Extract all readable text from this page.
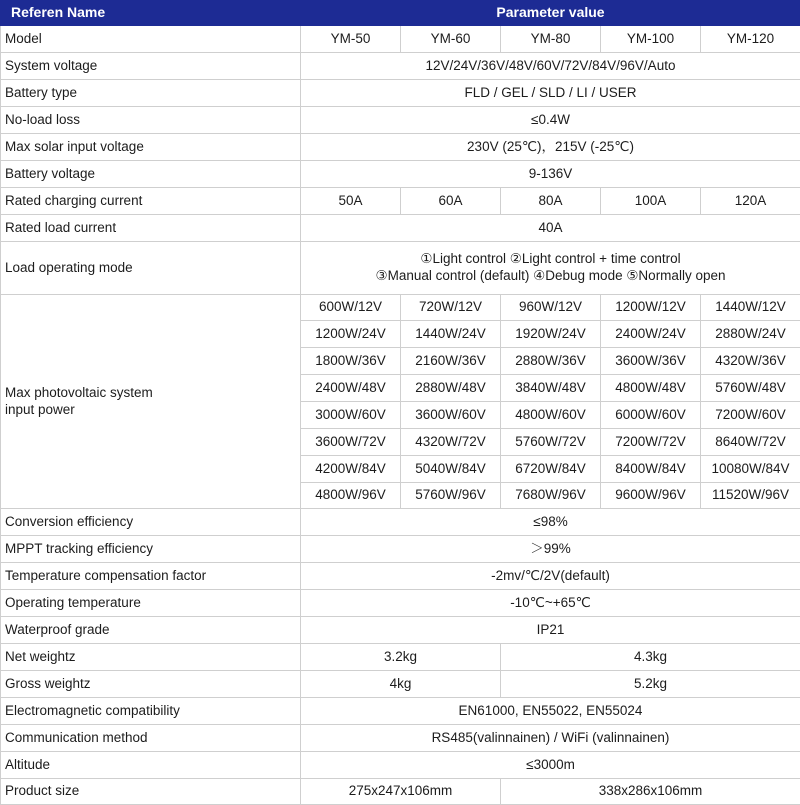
Referen Name	Parameter value				
Model	YM-50	YM-60	YM-80	YM-100	YM-120
System voltage	12V/24V/36V/48V/60V/72V/84V/96V/Auto				
Battery type	FLD / GEL / SLD / LI / USER				
No-load loss	≤0.4W				
Max solar input voltage	230V (25℃)，215V (-25℃)				
Battery voltage	9-136V				
Rated charging current	50A	60A	80A	100A	120A
Rated load current	40A				
Load operating mode	①Light control ②Light control + time control
③Manual control (default) ④Debug mode ⑤Normally open				

Max photovoltaic system
input power	600W/12V	720W/12V	960W/12V	1200W/12V	1440W/12V
	1200W/24V	1440W/24V	1920W/24V	2400W/24V	2880W/24V
	1800W/36V	2160W/36V	2880W/36V	3600W/36V	4320W/36V
	2400W/48V	2880W/48V	3840W/48V	4800W/48V	5760W/48V
	3000W/60V	3600W/60V	4800W/60V	6000W/60V	7200W/60V
	3600W/72V	4320W/72V	5760W/72V	7200W/72V	8640W/72V
	4200W/84V	5040W/84V	6720W/84V	8400W/84V	10080W/84V
	4800W/96V	5760W/96V	7680W/96V	9600W/96V	11520W/96V
Conversion efficiency	≤98%				
MPPT tracking efficiency	＞99%				
Temperature compensation factor	-2mv/℃/2V(default)				
Operating temperature	-10℃~+65℃				
Waterproof grade	IP21				
Net weightz	3.2kg		4.3kg		
Gross weightz	4kg		5.2kg		
Electromagnetic compatibility	EN61000, EN55022, EN55024				
Communication method	RS485(valinnainen) / WiFi (valinnainen)				
Altitude	≤3000m				
Product size	275x247x106mm		338x286x106mm		
